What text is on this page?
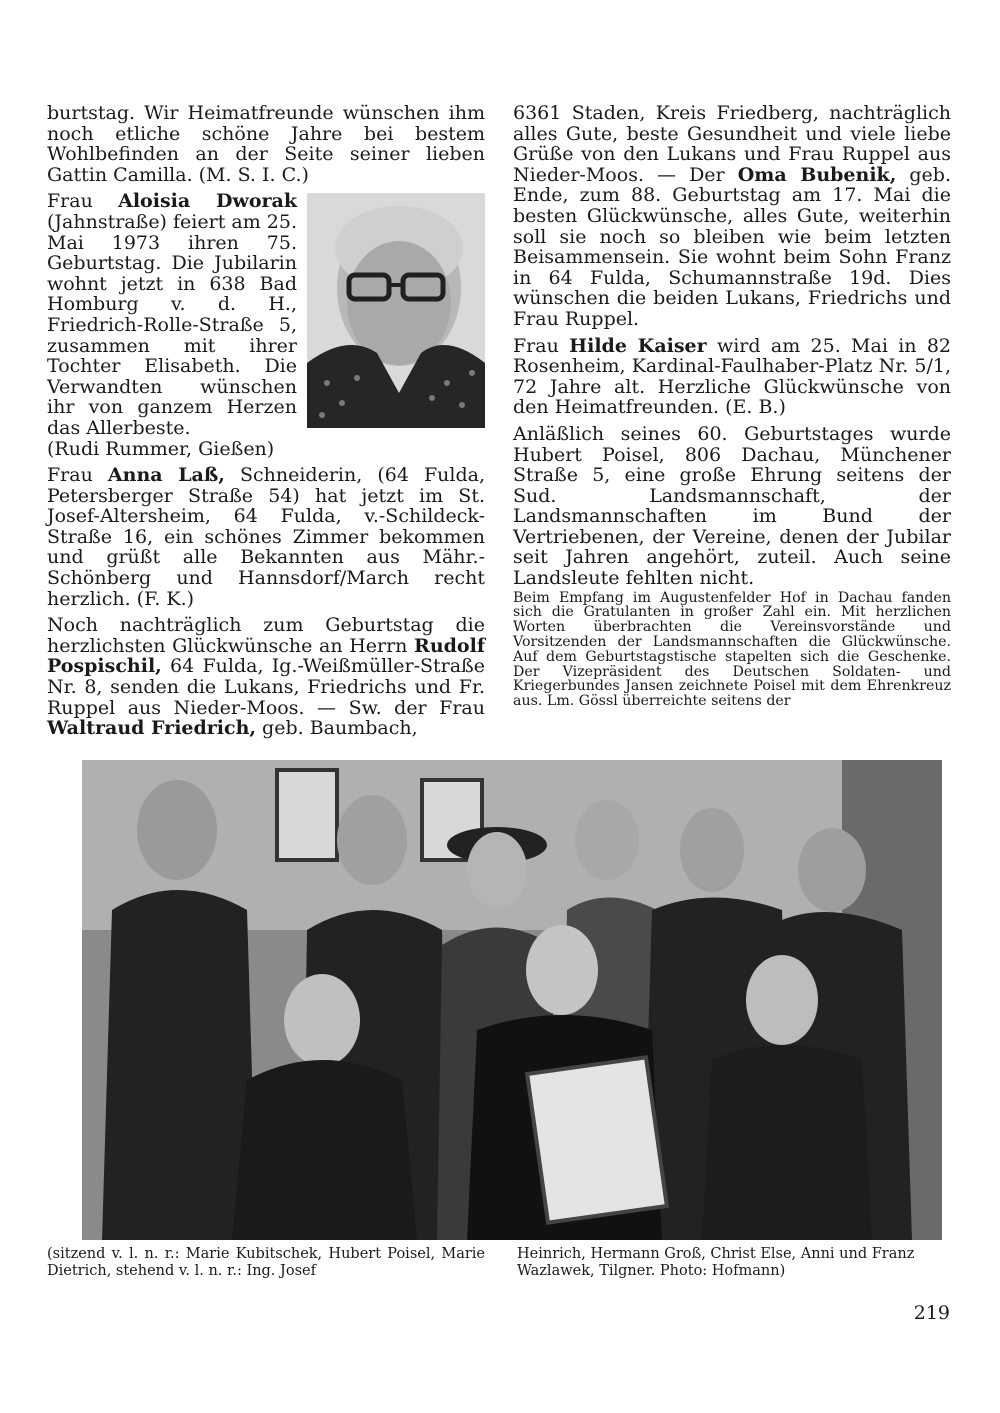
burtstag. Wir Heimatfreunde wünschen ihm noch etliche schöne Jahre bei bestem Wohlbefinden an der Seite seiner lieben Gattin Camilla. (M. S. I. C.)

Frau Aloisia Dworak (Jahnstraße) feiert am 25. Mai 1973 ihren 75. Geburtstag. Die Jubilarin wohnt jetzt in 638 Bad Homburg v. d. H., Friedrich-Rolle-Straße 5, zusammen mit ihrer Tochter Elisabeth. Die Verwandten wünschen ihr von ganzem Herzen das Allerbeste.
(Rudi Rummer, Gießen)

Frau Anna Laß, Schneiderin, (64 Fulda, Petersberger Straße 54) hat jetzt im St. Josef-Altersheim, 64 Fulda, v.-Schildeck-Straße 16, ein schönes Zimmer bekommen und grüßt alle Bekannten aus Mähr.-Schönberg und Hannsdorf/March recht herzlich. (F. K.)

Noch nachträglich zum Geburtstag die herzlichsten Glückwünsche an Herrn Rudolf Pospischil, 64 Fulda, Ig.-Weißmüller-Straße Nr. 8, senden die Lukans, Friedrichs und Fr. Ruppel aus Nieder-Moos. — Sw. der Frau Waltraud Friedrich, geb. Baumbach,

6361 Staden, Kreis Friedberg, nachträglich alles Gute, beste Gesundheit und viele liebe Grüße von den Lukans und Frau Ruppel aus Nieder-Moos. — Der Oma Bubenik, geb. Ende, zum 88. Geburtstag am 17. Mai die besten Glückwünsche, alles Gute, weiterhin soll sie noch so bleiben wie beim letzten Beisammensein. Sie wohnt beim Sohn Franz in 64 Fulda, Schumannstraße 19d. Dies wünschen die beiden Lukans, Friedrichs und Frau Ruppel.

Frau Hilde Kaiser wird am 25. Mai in 82 Rosenheim, Kardinal-Faulhaber-Platz Nr. 5/1, 72 Jahre alt. Herzliche Glückwünsche von den Heimatfreunden. (E. B.)

Anläßlich seines 60. Geburtstages wurde Hubert Poisel, 806 Dachau, Münchener Straße 5, eine große Ehrung seitens der Sud. Landsmannschaft, der Landsmannschaften im Bund der Vertriebenen, der Vereine, denen der Jubilar seit Jahren angehört, zuteil. Auch seine Landsleute fehlten nicht.

Beim Empfang im Augustenfelder Hof in Dachau fanden sich die Gratulanten in großer Zahl ein. Mit herzlichen Worten überbrachten die Vereinsvorstände und Vorsitzenden der Landsmannschaften die Glückwünsche. Auf dem Geburtstagstische stapelten sich die Geschenke. Der Vizepräsident des Deutschen Soldaten- und Kriegerbundes Jansen zeichnete Poisel mit dem Ehrenkreuz aus. Lm. Gössl überreichte seitens der

(sitzend v. l. n. r.: Marie Kubitschek, Hubert Poisel, Marie Dietrich, stehend v. l. n. r.: Ing. Josef
Heinrich, Hermann Groß, Christ Else, Anni und Franz Wazlawek, Tilgner. Photo: Hofmann)
219
